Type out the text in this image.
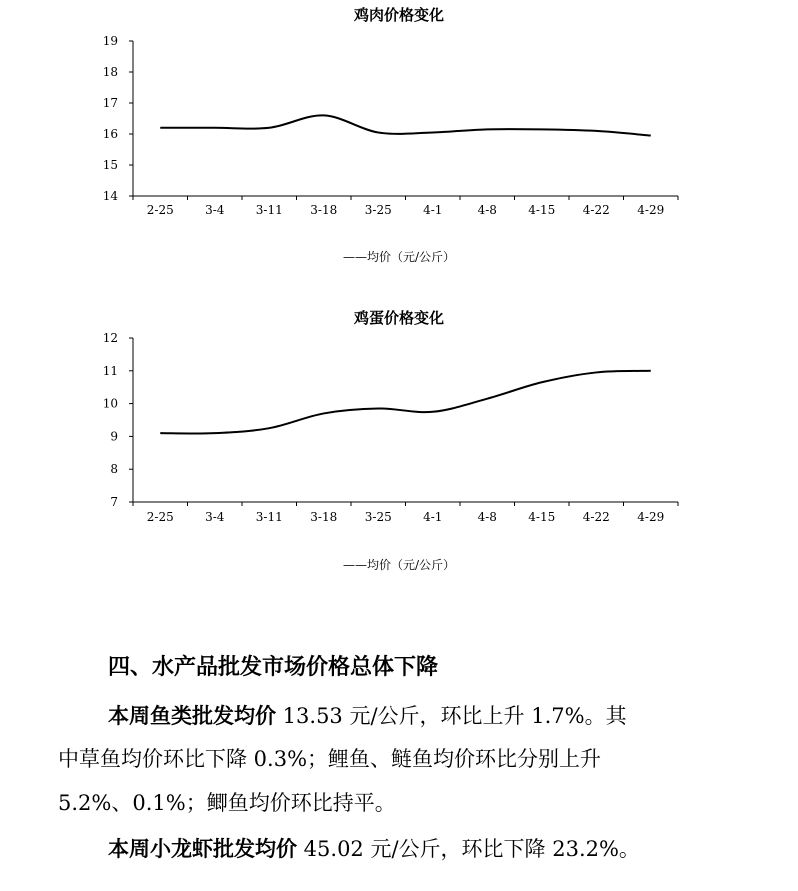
鸡肉价格变化
19
18
17
16
15
14
2-25	3-4	3-11 3-18 3-25	4-1	4-8	4-15 4-22 4-29
——均价（元/公斤）
鸡蛋价格变化
12
11
10
9
8
7
2-25	3-4	3-11 3-18 3-25	4-1	4-8	4-15 4-22 4-29
——均价（元/公斤）
四、水产品批发市场价格总体下降
本周鱼类批发均价 13.53 元/公斤，环比上升 1.7%。其
中草鱼均价环比下降 0.3%；鲤鱼、鲢鱼均价环比分别上升
5.2%、0.1%；鲫鱼均价环比持平。
本周小龙虾批发均价 45.02 元/公斤，环比下降 23.2%。
